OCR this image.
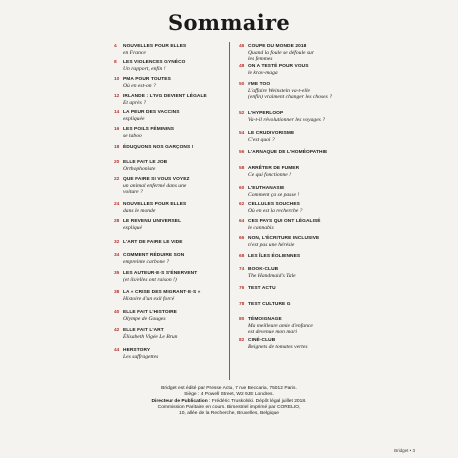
Sommaire
4 NOUVELLES POUR ELLES
en France
8 LES VIOLENCES GYNÉCO
Un rapport, enfin !
10 PMA POUR TOUTES
Où en est-on ?
12 IRLANDE : L'IVG DEVIENT LÉGALE
Et après ?
14 LA PEUR DES VACCINS
expliquée
16 LES POILS FÉMININS
se taboo
18 ÉDUQUONS NOS GARÇONS !
20 ELLE FAIT LE JOB
Orthophoniste
22 QUE FAIRE SI VOUS VOYEZ
un animal enfermé dans une
voiture ?
24 NOUVELLES POUR ELLES
dans le monde
28 LE REVENU UNIVERSEL
expliqué
32 L'ART DE FAIRE LE VIDE
34 COMMENT RÉDUIRE SON
empreinte carbone ?
35 LES AUTEUR·E·S S'ÉNERVENT
(et ils/elles ont raison !)
38 LA « CRISE DES MIGRANT·E·S »
Histoire d'un exil forcé
40 ELLE FAIT L'HISTOIRE
Olympe de Gouges
42 ELLE FAIT L'ART
Élisabeth Vigée Le Brun
44 HERSTORY
Les suffragettes
46 COUPE DU MONDE 2018
Quand la foule se défoule sur
les femmes
48 ON A TESTÉ POUR VOUS
le krav-maga
50 #ME TOO
L'affaire Weinstein va-t-elle
(enfin) vraiment changer les choses ?
52 L'HYPERLOOP
Va-t-il révolutionner les voyages ?
54 LE CRUDIVORISME
C'est quoi ?
56 L'ARNAQUE DE L'HOMÉOPATHIE
58 ARRÊTER DE FUMER
Ce qui fonctionne !
60 L'EUTHANASIE
Comment ça se passe !
62 CELLULES SOUCHES
Où en est la recherche ?
64 CES PAYS QUI ONT LÉGALISÉ
le cannabis
66 NON, L'ÉCRITURE INCLUSIVE
n'est pas une hérésie
68 LES ÎLES ÉOLIENNES
74 BOOK-CLUB
The Handmaid's Tale
76 TEST ACTU
78 TEST CULTURE G
80 TÉMOIGNAGE
Ma meilleure amie d'enfance
est devenue mon mari
82 CINÉ-CLUB
Beignets de tomates vertes
Bridget est édité par Presse Actu, 7 rue Beccaria, 75012 Paris.
Siège : 4 Powell Street, W2 9JE Londres.
Directeur de Publication : Frédéric Truskolski. Dépôt légal juillet 2018.
Commission Paritaire en cours. Bimestriel imprimé par CORELIO,
10, allée de la Recherche, Bruxelles, Belgique
Bridget • 3
